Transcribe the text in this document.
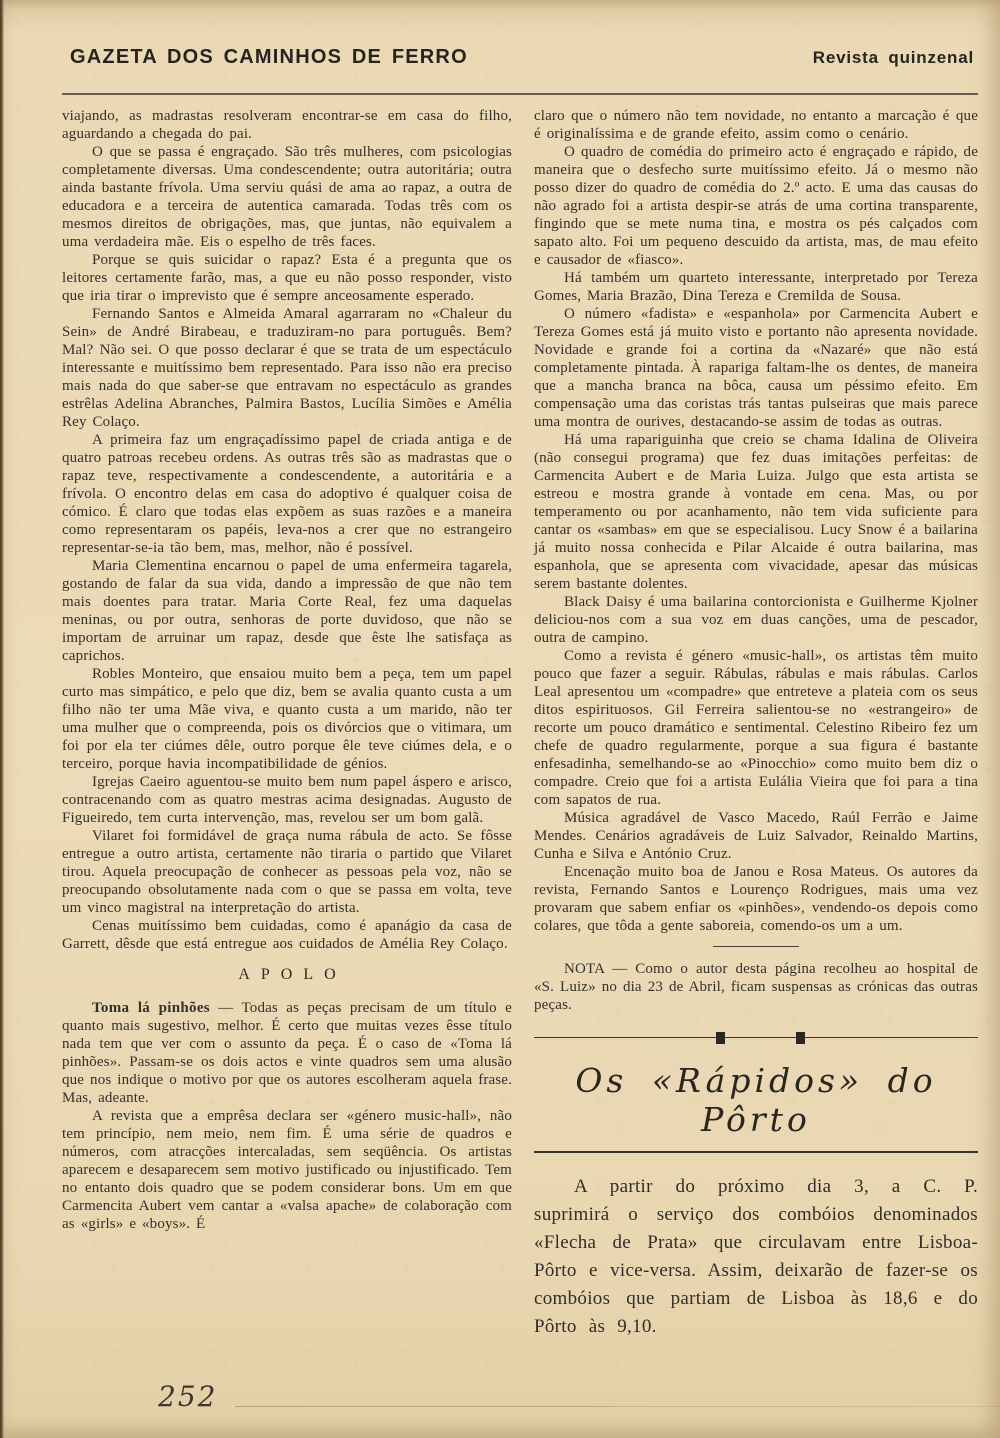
GAZETA DOS CAMINHOS DE FERRO	Revista quinzenal

viajando, as madrastas resolveram encontrar-se em casa do filho, aguardando a chegada do pai.

O que se passa é engraçado. São três mulheres, com psicologias completamente diversas. Uma condescendente; outra autoritária; outra ainda bastante frívola. Uma serviu quási de ama ao rapaz, a outra de educadora e a terceira de autentica camarada. Todas três com os mesmos direitos de obrigações, mas, que juntas, não equivalem a uma verdadeira mãe. Eis o espelho de três faces.

Porque se quis suicidar o rapaz? Esta é a pregunta que os leitores certamente farão, mas, a que eu não posso responder, visto que iria tirar o imprevisto que é sempre anceosamente esperado.

Fernando Santos e Almeida Amaral agarraram no «Chaleur du Sein» de André Birabeau, e traduziram-no para português. Bem? Mal? Não sei. O que posso declarar é que se trata de um espectáculo interessante e muitíssimo bem representado. Para isso não era preciso mais nada do que saber-se que entravam no espectáculo as grandes estrêlas Adelina Abranches, Palmira Bastos, Lucília Simões e Amélia Rey Colaço.

A primeira faz um engraçadíssimo papel de criada antiga e de quatro patroas recebeu ordens. As outras três são as madrastas que o rapaz teve, respectivamente a condescendente, a autoritária e a frívola. O encontro delas em casa do adoptivo é qualquer coisa de cómico. É claro que todas elas expõem as suas razões e a maneira como representaram os papéis, leva-nos a crer que no estrangeiro representar-se-ia tão bem, mas, melhor, não é possível.

Maria Clementina encarnou o papel de uma enfermeira tagarela, gostando de falar da sua vida, dando a impressão de que não tem mais doentes para tratar. Maria Corte Real, fez uma daquelas meninas, ou por outra, senhoras de porte duvidoso, que não se importam de arruinar um rapaz, desde que êste lhe satisfaça as caprichos.

Robles Monteiro, que ensaiou muito bem a peça, tem um papel curto mas simpático, e pelo que diz, bem se avalia quanto custa a um filho não ter uma Mãe viva, e quanto custa a um marido, não ter uma mulher que o compreenda, pois os divórcios que o vitimara, um foi por ela ter ciúmes dêle, outro porque êle teve ciúmes dela, e o terceiro, porque havia incompatibilidade de génios.

Igrejas Caeiro aguentou-se muito bem num papel áspero e arisco, contracenando com as quatro mestras acima designadas. Augusto de Figueiredo, tem curta intervenção, mas, revelou ser um bom galã.

Vilaret foi formidável de graça numa rábula de acto. Se fôsse entregue a outro artista, certamente não tiraria o partido que Vilaret tirou. Aquela preocupação de conhecer as pessoas pela voz, não se preocupando obsolutamente nada com o que se passa em volta, teve um vinco magistral na interpretação do artista.

Cenas muitíssimo bem cuidadas, como é apanágio da casa de Garrett, dêsde que está entregue aos cuidados de Amélia Rey Colaço.

APOLO

Toma lá pinhões — Todas as peças precisam de um título e quanto mais sugestivo, melhor. É certo que muitas vezes êsse título nada tem que ver com o assunto da peça. É o caso de «Toma lá pinhões». Passam-se os dois actos e vinte quadros sem uma alusão que nos indique o motivo por que os autores escolheram aquela frase. Mas, adeante.

A revista que a emprêsa declara ser «género music-hall», não tem princípio, nem meio, nem fim. É uma série de quadros e números, com atracções intercaladas, sem seqüência. Os artistas aparecem e desaparecem sem motivo justificado ou injustificado. Tem no entanto dois quadro que se podem considerar bons. Um em que Carmencita Aubert vem cantar a «valsa apache» de colaboração com as «girls» e «boys». É

claro que o número não tem novidade, no entanto a marcação é que é originalíssima e de grande efeito, assim como o cenário.

O quadro de comédia do primeiro acto é engraçado e rápido, de maneira que o desfecho surte muitíssimo efeito. Já o mesmo não posso dizer do quadro de comédia do 2.º acto. E uma das causas do não agrado foi a artista despir-se atrás de uma cortina transparente, fingindo que se mete numa tina, e mostra os pés calçados com sapato alto. Foi um pequeno descuido da artista, mas, de mau efeito e causador de «fiasco».

Há também um quarteto interessante, interpretado por Tereza Gomes, Maria Brazão, Dina Tereza e Cremilda de Sousa.

O número «fadista» e «espanhola» por Carmencita Aubert e Tereza Gomes está já muito visto e portanto não apresenta novidade. Novidade e grande foi a cortina da «Nazaré» que não está completamente pintada. À rapariga faltam-lhe os dentes, de maneira que a mancha branca na bôca, causa um péssimo efeito. Em compensação uma das coristas trás tantas pulseiras que mais parece uma montra de ourives, destacando-se assim de todas as outras.

Há uma rapariguinha que creio se chama Idalina de Oliveira (não consegui programa) que fez duas imitações perfeitas: de Carmencita Aubert e de Maria Luiza. Julgo que esta artista se estreou e mostra grande à vontade em cena. Mas, ou por temperamento ou por acanhamento, não tem vida suficiente para cantar os «sambas» em que se especialisou. Lucy Snow é a bailarina já muito nossa conhecida e Pilar Alcaide é outra bailarina, mas espanhola, que se apresenta com vivacidade, apesar das músicas serem bastante dolentes.

Black Daisy é uma bailarina contorcionista e Guilherme Kjolner deliciou-nos com a sua voz em duas canções, uma de pescador, outra de campino.

Como a revista é género «music-hall», os artistas têm muito pouco que fazer a seguir. Rábulas, rábulas e mais rábulas. Carlos Leal apresentou um «compadre» que entreteve a plateia com os seus ditos espirituosos. Gil Ferreira salientou-se no «estrangeiro» de recorte um pouco dramático e sentimental. Celestino Ribeiro fez um chefe de quadro regularmente, porque a sua figura é bastante enfesadinha, semelhando-se ao «Pinocchio» como muito bem diz o compadre. Creio que foi a artista Eulália Vieira que foi para a tina com sapatos de rua.

Música agradável de Vasco Macedo, Raúl Ferrão e Jaime Mendes. Cenários agradáveis de Luiz Salvador, Reinaldo Martins, Cunha e Silva e António Cruz.

Encenação muito boa de Janou e Rosa Mateus. Os autores da revista, Fernando Santos e Lourenço Rodrigues, mais uma vez provaram que sabem enfiar os «pinhões», vendendo-os depois como colares, que tôda a gente saboreia, comendo-os um a um.

NOTA — Como o autor desta página recolheu ao hospital de «S. Luiz» no dia 23 de Abril, ficam suspensas as crónicas das outras peças.

Os «Rápidos» do Pôrto

A partir do próximo dia 3, a C. P. suprimirá o serviço dos combóios denominados «Flecha de Prata» que circulavam entre Lisboa-Pôrto e vice-versa. Assim, deixarão de fazer-se os combóios que partiam de Lisboa às 18,6 e do Pôrto às 9,10.

252
